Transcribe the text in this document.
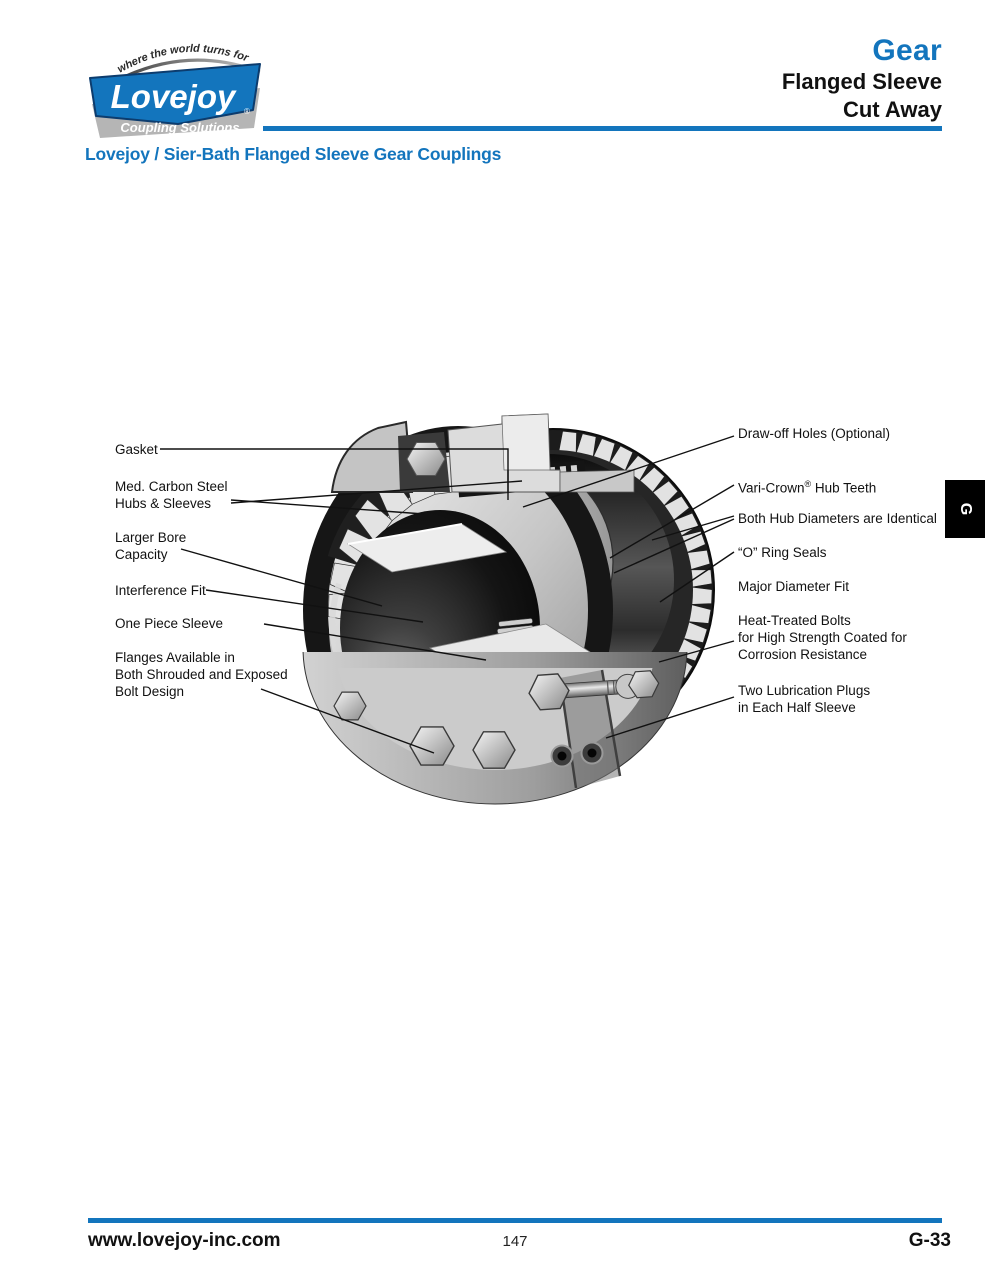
where the world turns for
Lovejoy ®
Coupling Solutions
Gear
Flanged Sleeve
Cut Away
Lovejoy / Sier-Bath Flanged Sleeve Gear Couplings
Gasket
Med. Carbon Steel
Hubs & Sleeves
Larger Bore
Capacity
Interference Fit
One Piece Sleeve
Flanges Available in
Both Shrouded and Exposed
Bolt Design
Draw-off Holes (Optional)
Vari-Crown® Hub Teeth
Both Hub Diameters are Identical
“O” Ring Seals
Major Diameter Fit
Heat-Treated Bolts
for High Strength Coated for
Corrosion Resistance
Two Lubrication Plugs
in Each Half Sleeve
G
www.lovejoy-inc.com	147	G-33
